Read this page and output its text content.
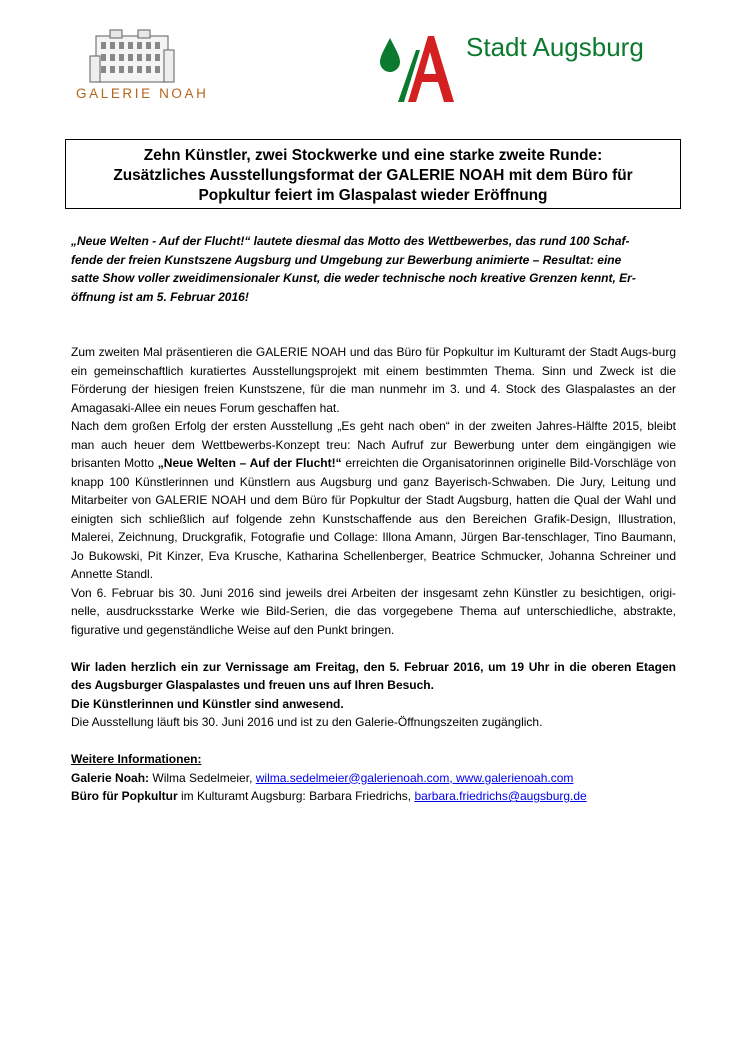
GALERIE NOAH
Stadt Augsburg

Zehn Künstler, zwei Stockwerke und eine starke zweite Runde:
Zusätzliches Ausstellungsformat der GALERIE NOAH mit dem Büro für
Popkultur feiert im Glaspalast wieder Eröffnung

„Neue Welten - Auf der Flucht!“ lautete diesmal das Motto des Wettbewerbes, das rund 100 Schaf-
fende der freien Kunstszene Augsburg und Umgebung zur Bewerbung animierte – Resultat: eine
satte Show voller zweidimensionaler Kunst, die weder technische noch kreative Grenzen kennt, Er-
öffnung ist am 5. Februar 2016!

Zum zweiten Mal präsentieren die GALERIE NOAH und das Büro für Popkultur im Kulturamt der Stadt Augs-burg ein gemeinschaftlich kuratiertes Ausstellungsprojekt mit einem bestimmten Thema. Sinn und Zweck ist die Förderung der hiesigen freien Kunstszene, für die man nunmehr im 3. und 4. Stock des Glaspalastes an der Amagasaki-Allee ein neues Forum geschaffen hat.

Nach dem großen Erfolg der ersten Ausstellung „Es geht nach oben“ in der zweiten Jahres-Hälfte 2015, bleibt man auch heuer dem Wettbewerbs-Konzept treu: Nach Aufruf zur Bewerbung unter dem eingängigen wie brisanten Motto „Neue Welten – Auf der Flucht!“ erreichten die Organisatorinnen originelle Bild-Vorschläge von knapp 100 Künstlerinnen und Künstlern aus Augsburg und ganz Bayerisch-Schwaben. Die Jury, Leitung und Mitarbeiter von GALERIE NOAH und dem Büro für Popkultur der Stadt Augsburg, hatten die Qual der Wahl und einigten sich schließlich auf folgende zehn Kunstschaffende aus den Bereichen Grafik-Design, Illustration, Malerei, Zeichnung, Druckgrafik, Fotografie und Collage: Illona Amann, Jürgen Bar-tenschlager, Tino Baumann, Jo Bukowski, Pit Kinzer, Eva Krusche, Katharina Schellenberger, Beatrice Schmucker, Johanna Schreiner und Annette Standl.

Von 6. Februar bis 30. Juni 2016 sind jeweils drei Arbeiten der insgesamt zehn Künstler zu besichtigen, origi-nelle, ausdrucksstarke Werke wie Bild-Serien, die das vorgegebene Thema auf unterschiedliche, abstrakte, figurative und gegenständliche Weise auf den Punkt bringen.

Wir laden herzlich ein zur Vernissage am Freitag, den 5. Februar 2016, um 19 Uhr in die oberen Etagen des Augsburger Glaspalastes und freuen uns auf Ihren Besuch.

Die Künstlerinnen und Künstler sind anwesend.

Die Ausstellung läuft bis 30. Juni 2016 und ist zu den Galerie-Öffnungszeiten zugänglich.

Weitere Informationen:

Galerie Noah: Wilma Sedelmeier, wilma.sedelmeier@galerienoah.com, www.galerienoah.com

Büro für Popkultur im Kulturamt Augsburg: Barbara Friedrichs, barbara.friedrichs@augsburg.de
